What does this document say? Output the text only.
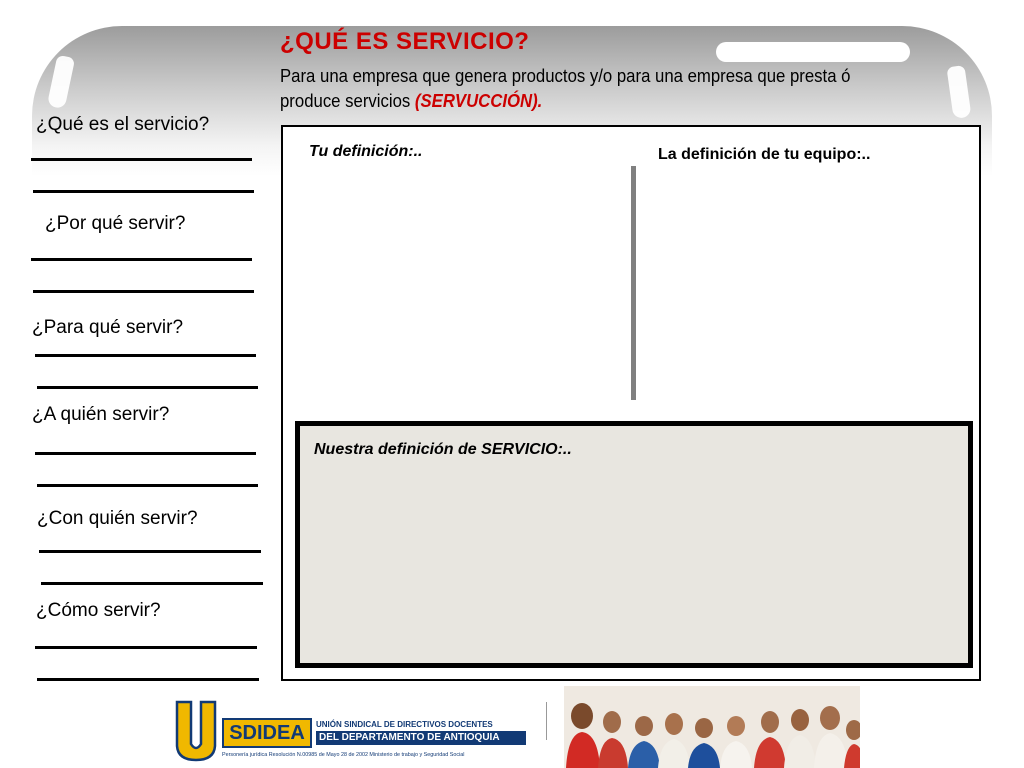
¿QUÉ ES SERVICIO?

Para una empresa que genera productos y/o para una empresa que presta ó produce servicios (SERVUCCIÓN).

¿Qué es el servicio?

¿Por qué servir?

¿Para qué servir?

¿A quién servir?

¿Con quién servir?

¿Cómo servir?

Tu definición:..	La definición de tu equipo:..

Nuestra definición de SERVICIO:..

SDIDEA	UNIÓN SINDICAL DE DIRECTIVOS DOCENTES
DEL DEPARTAMENTO DE ANTIOQUIA
Personería jurídica Resolución N.00985 de Mayo 28 de 2002 Ministerio de trabajo y Seguridad Social
